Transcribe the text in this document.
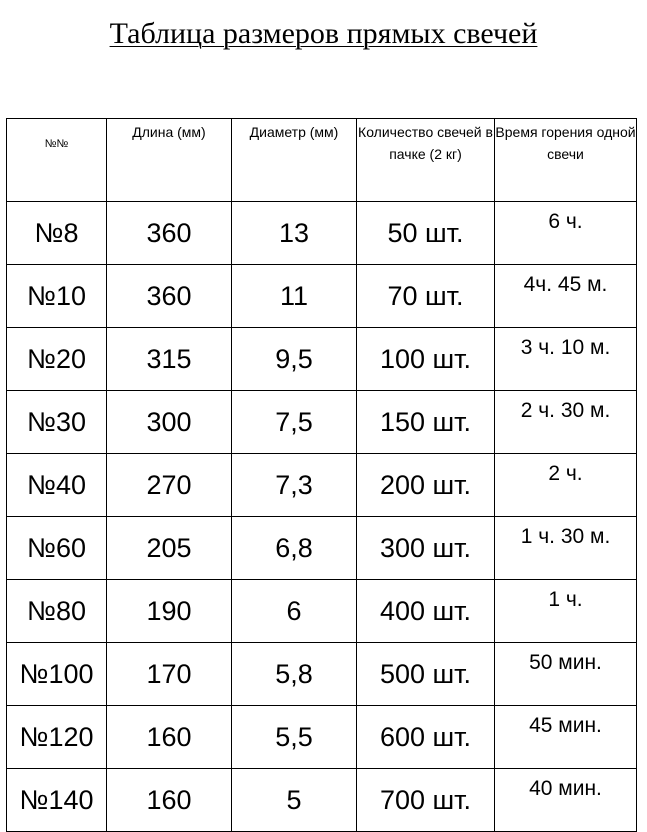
Таблица размеров прямых свечей
№№	Длина (мм)	Диаметр (мм)	Количество свечей в пачке (2 кг)	Время горения одной свечи
№8	360	13	50 шт.	6 ч.
№10	360	11	70 шт.	4ч. 45 м.
№20	315	9,5	100 шт.	3 ч. 10 м.
№30	300	7,5	150 шт.	2 ч. 30 м.
№40	270	7,3	200 шт.	2 ч.
№60	205	6,8	300 шт.	1 ч. 30 м.
№80	190	6	400 шт.	1 ч.
№100	170	5,8	500 шт.	50 мин.
№120	160	5,5	600 шт.	45 мин.
№140	160	5	700 шт.	40 мин.
